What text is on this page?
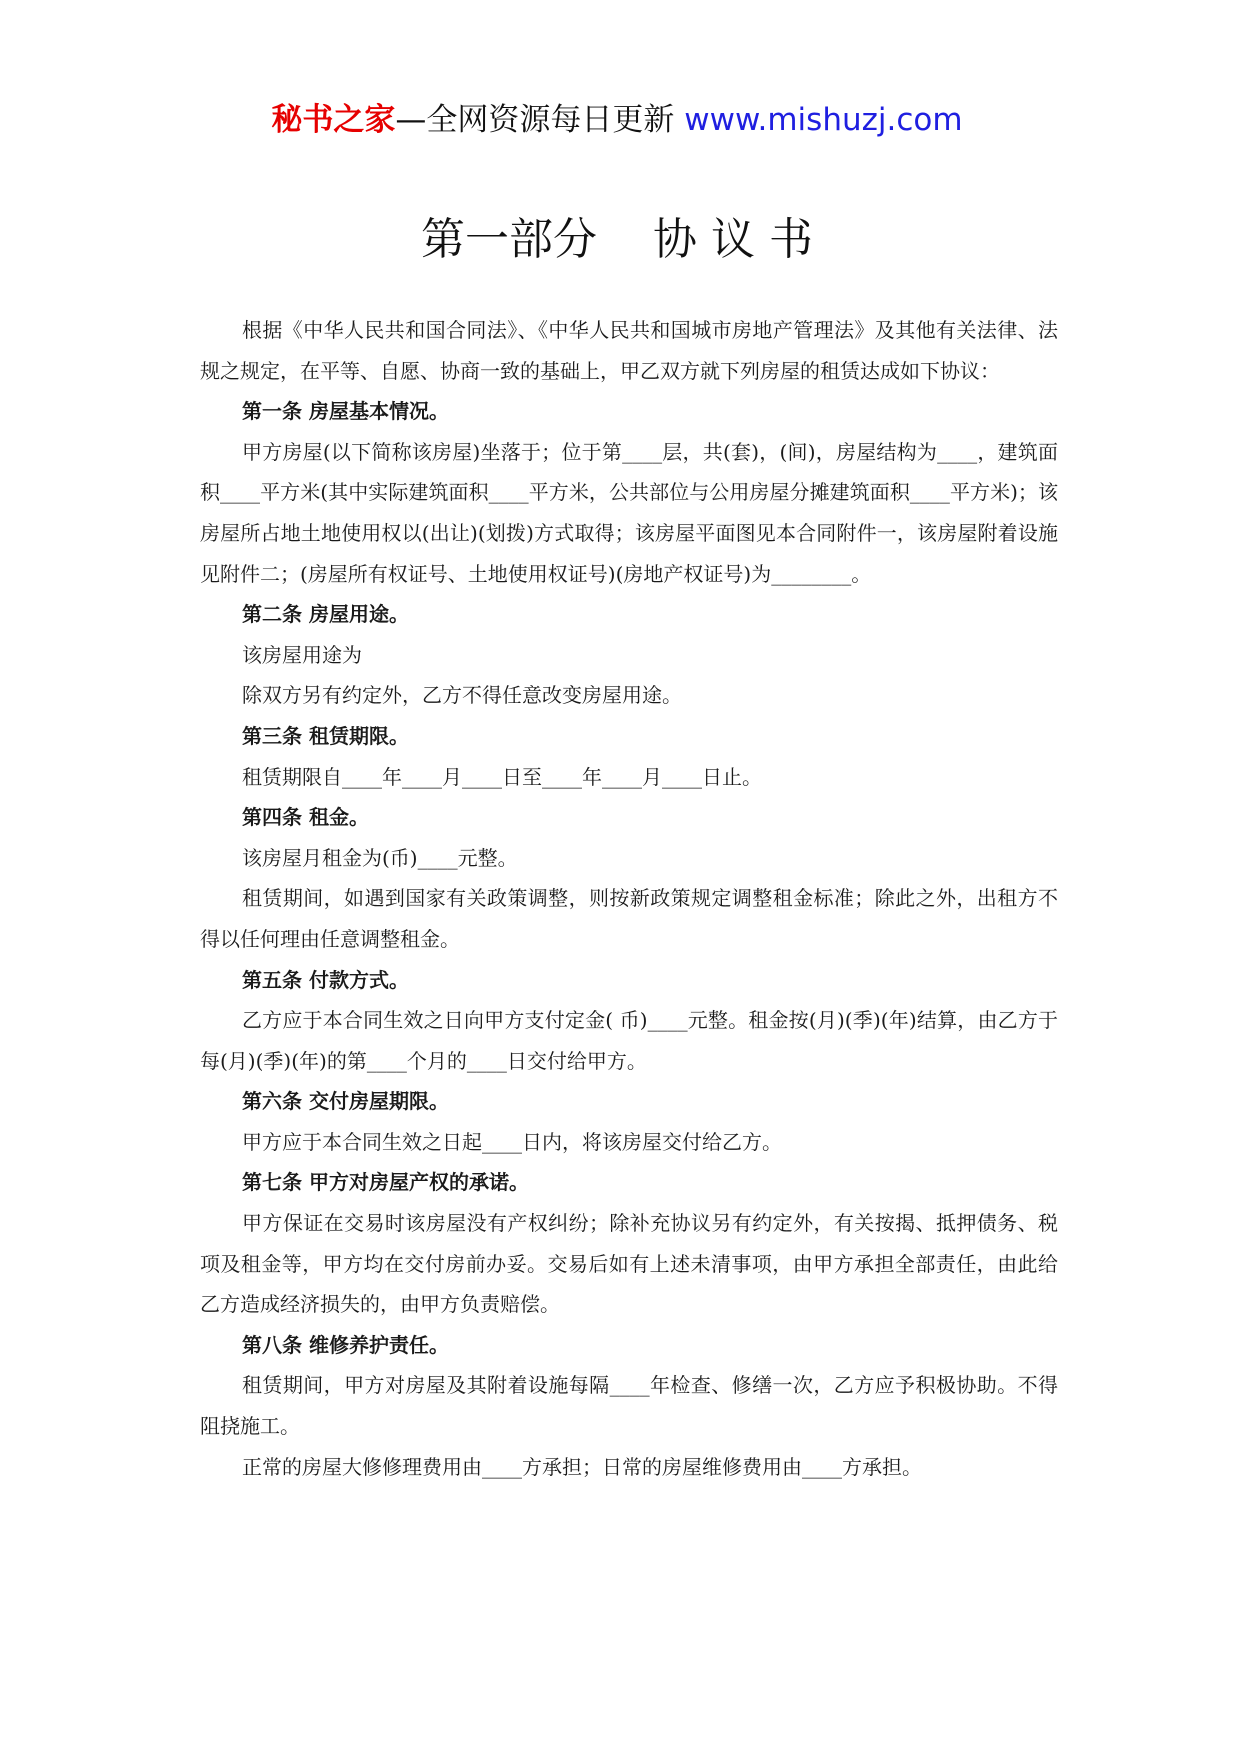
秘书之家—全网资源每日更新 www.mishuzj.com
第一部分    协 议 书

根据《中华人民共和国合同法》、《中华人民共和国城市房地产管理法》及其他有关法律、法规之规定，在平等、自愿、协商一致的基础上，甲乙双方就下列房屋的租赁达成如下协议：

第一条 房屋基本情况。

甲方房屋(以下简称该房屋)坐落于；位于第____层，共(套)，(间)，房屋结构为____，建筑面积____平方米(其中实际建筑面积____平方米，公共部位与公用房屋分摊建筑面积____平方米)；该房屋所占地土地使用权以(出让)(划拨)方式取得；该房屋平面图见本合同附件一，该房屋附着设施见附件二；(房屋所有权证号、土地使用权证号)(房地产权证号)为________。

第二条 房屋用途。

该房屋用途为

除双方另有约定外，乙方不得任意改变房屋用途。

第三条 租赁期限。

租赁期限自____年____月____日至____年____月____日止。

第四条 租金。

该房屋月租金为(币)____元整。

租赁期间，如遇到国家有关政策调整，则按新政策规定调整租金标准；除此之外，出租方不得以任何理由任意调整租金。

第五条 付款方式。

乙方应于本合同生效之日向甲方支付定金( 币)____元整。租金按(月)(季)(年)结算，由乙方于每(月)(季)(年)的第____个月的____日交付给甲方。

第六条 交付房屋期限。

甲方应于本合同生效之日起____日内，将该房屋交付给乙方。

第七条 甲方对房屋产权的承诺。

甲方保证在交易时该房屋没有产权纠纷；除补充协议另有约定外，有关按揭、抵押债务、税项及租金等，甲方均在交付房前办妥。交易后如有上述未清事项，由甲方承担全部责任，由此给乙方造成经济损失的，由甲方负责赔偿。

第八条 维修养护责任。

租赁期间，甲方对房屋及其附着设施每隔____年检查、修缮一次，乙方应予积极协助。不得阻挠施工。

正常的房屋大修修理费用由____方承担；日常的房屋维修费用由____方承担。
